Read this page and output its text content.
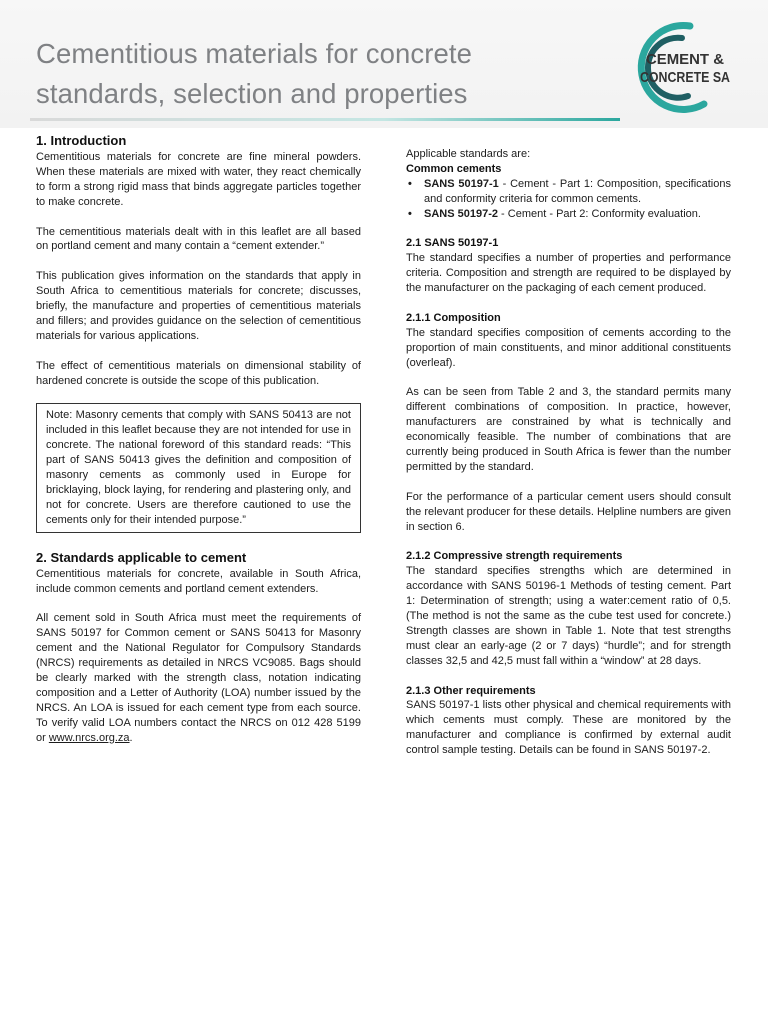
Cementitious materials for concrete
standards, selection and properties
CEMENT &
CONCRETE SA
1. Introduction

Cementitious materials for concrete are fine mineral powders. When these materials are mixed with water, they react chemically to form a strong rigid mass that binds aggregate particles together to make concrete.

The cementitious materials dealt with in this leaflet are all based on portland cement and many contain a “cement extender.”

This publication gives information on the standards that apply in South Africa to cementitious materials for concrete; discusses, briefly, the manufacture and properties of cementitious materials and fillers; and provides guidance on the selection of cementitious materials for various applications.

The effect of cementitious materials on dimensional stability of hardened concrete is outside the scope of this publication.

Note: Masonry cements that comply with SANS 50413 are not included in this leaflet because they are not intended for use in concrete. The national foreword of this standard reads: “This part of SANS 50413 gives the definition and composition of masonry cements as commonly used in Europe for bricklaying, block laying, for rendering and plastering only, and not for concrete. Users are therefore cautioned to use the cements only for their intended purpose.”

2. Standards applicable to cement

Cementitious materials for concrete, available in South Africa, include common cements and portland cement extenders.

All cement sold in South Africa must meet the requirements of SANS 50197 for Common cement or SANS 50413 for Masonry cement and the National Regulator for Compulsory Standards (NRCS) requirements as detailed in NRCS VC9085. Bags should be clearly marked with the strength class, notation indicating composition and a Letter of Authority (LOA) number issued by the NRCS. An LOA is issued for each cement type from each source. To verify valid LOA numbers contact the NRCS on 012 428 5199 or www.nrcs.org.za.

Applicable standards are:

Common cements
• SANS 50197-1 - Cement - Part 1: Composition, specifications and conformity criteria for common cements.
• SANS 50197-2 - Cement - Part 2: Conformity evaluation.
2.1 SANS 50197-1

The standard specifies a number of properties and performance criteria. Composition and strength are required to be displayed by the manufacturer on the packaging of each cement produced.

2.1.1 Composition

The standard specifies composition of cements according to the proportion of main constituents, and minor additional constituents (overleaf).

As can be seen from Table 2 and 3, the standard permits many different combinations of composition. In practice, however, manufacturers are constrained by what is technically and economically feasible. The number of combinations that are currently being produced in South Africa is fewer than the number permitted by the standard.

For the performance of a particular cement users should consult the relevant producer for these details. Helpline numbers are given in section 6.

2.1.2 Compressive strength requirements

The standard specifies strengths which are determined in accordance with SANS 50196-1 Methods of testing cement. Part 1: Determination of strength; using a water:cement ratio of 0,5. (The method is not the same as the cube test used for concrete.) Strength classes are shown in Table 1. Note that test strengths must clear an early-age (2 or 7 days) “hurdle”; and for strength classes 32,5 and 42,5 must fall within a “window” at 28 days.

2.1.3 Other requirements

SANS 50197-1 lists other physical and chemical requirements with which cements must comply. These are monitored by the manufacturer and compliance is confirmed by external audit control sample testing. Details can be found in SANS 50197-2.
